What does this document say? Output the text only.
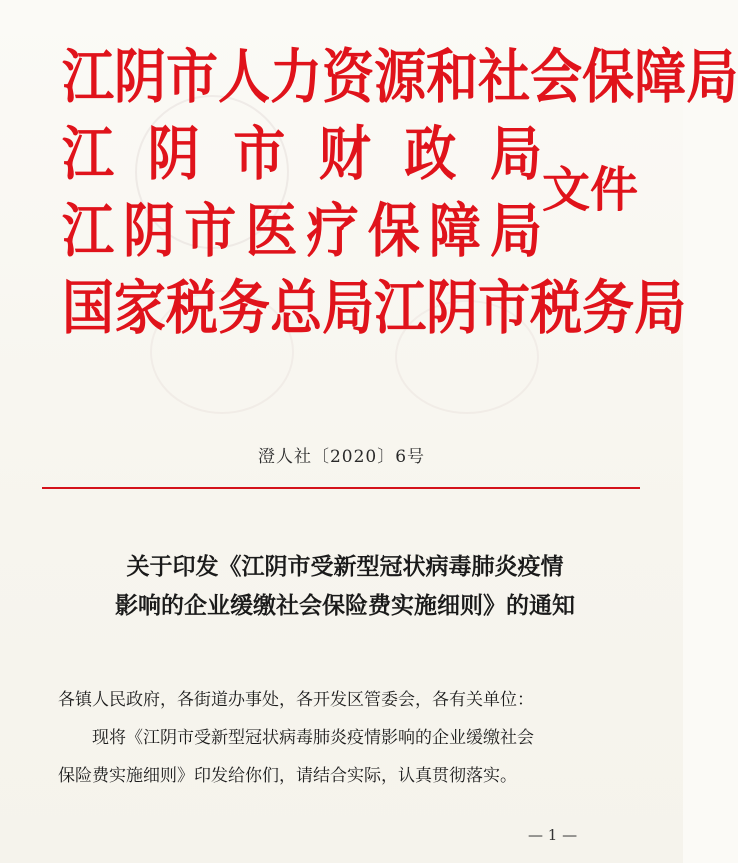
江 阴 市 人 力 资 源 和 社 会 保 障 局
江 阴 市 财 政 局
江 阴 市 医 疗 保 障 局
国 家 税 务 总 局 江 阴 市 税 务 局
文件
澄人社〔2020〕6号
关于印发《江阴市受新型冠状病毒肺炎疫情
影响的企业缓缴社会保险费实施细则》的通知
各镇人民政府，各街道办事处，各开发区管委会，各有关单位：
现将《江阴市受新型冠状病毒肺炎疫情影响的企业缓缴社会
保险费实施细则》印发给你们，请结合实际，认真贯彻落实。
— 1 —
